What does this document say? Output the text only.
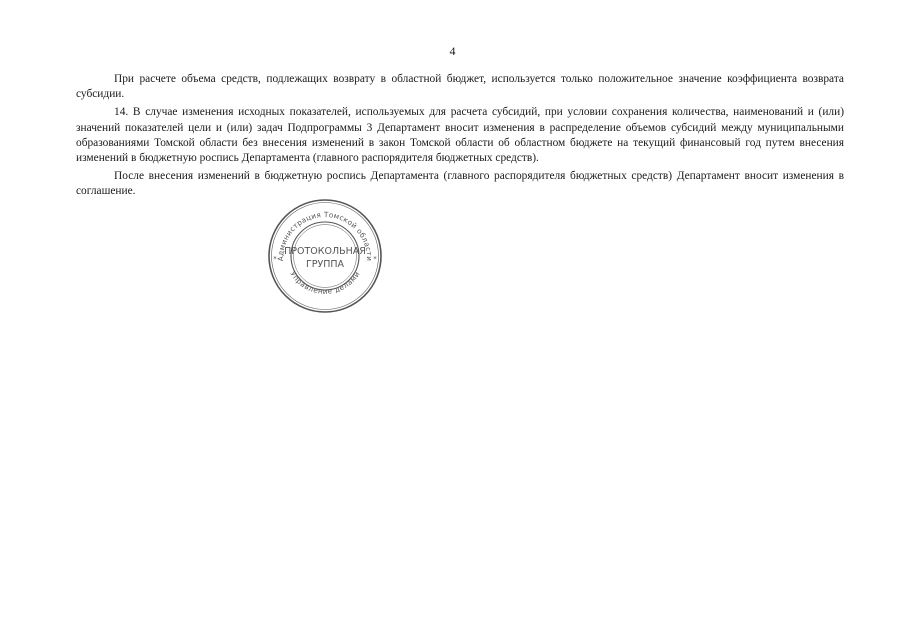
4

При расчете объема средств, подлежащих возврату в областной бюджет, используется только положительное значение коэффициента возврата субсидии.

14. В случае изменения исходных показателей, используемых для расчета субсидий, при условии сохранения количества, наименований и (или) значений показателей цели и (или) задач Подпрограммы 3 Департамент вносит изменения в распределение объемов субсидий между муниципальными образованиями Томской области без внесения изменений в закон Томской области об областном бюджете на текущий финансовый год путем внесения изменений в бюджетную роспись Департамента (главного распорядителя бюджетных средств).

После внесения изменений в бюджетную роспись Департамента (главного распорядителя бюджетных средств) Департамент вносит изменения в соглашение.

*	*
Администрация Томской области
Управление делами
ПРОТОКОЛЬНАЯ
ГРУППА
